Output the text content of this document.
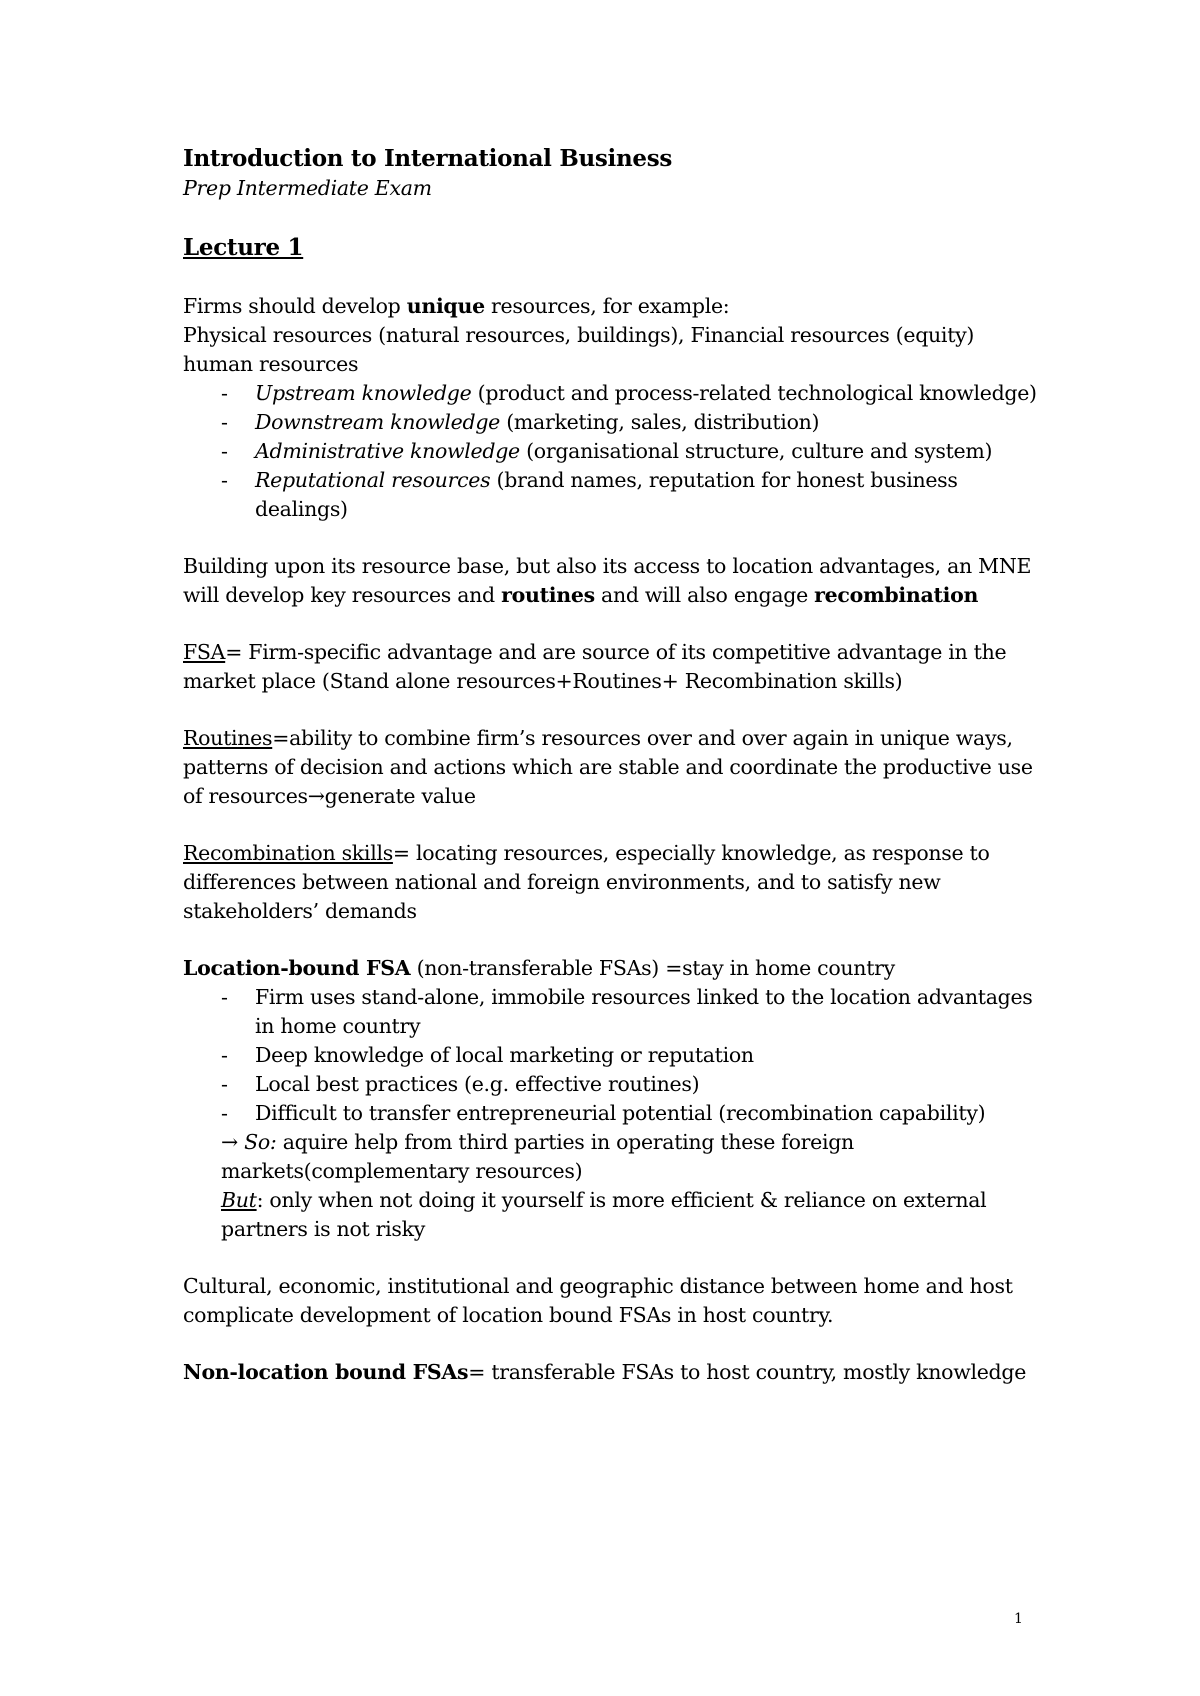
Introduction to International Business

Prep Intermediate Exam

Lecture 1

Firms should develop unique resources, for example:

Physical resources (natural resources, buildings), Financial resources (equity) human resources

- Upstream knowledge (product and process-related technological knowledge)
- Downstream knowledge (marketing, sales, distribution)
- Administrative knowledge (organisational structure, culture and system)
- Reputational resources (brand names, reputation for honest business dealings)

Building upon its resource base, but also its access to location advantages, an MNE will develop key resources and routines and will also engage recombination

FSA= Firm-specific advantage and are source of its competitive advantage in the market place (Stand alone resources+Routines+ Recombination skills)

Routines=ability to combine firm’s resources over and over again in unique ways, patterns of decision and actions which are stable and coordinate the productive use of resources→generate value

Recombination skills= locating resources, especially knowledge, as response to differences between national and foreign environments, and to satisfy new stakeholders’ demands

Location-bound FSA (non-transferable FSAs) =stay in home country

- Firm uses stand-alone, immobile resources linked to the location advantages in home country
- Deep knowledge of local marketing or reputation
- Local best practices (e.g. effective routines)
- Difficult to transfer entrepreneurial potential (recombination capability)

→ So: aquire help from third parties in operating these foreign markets(complementary resources)

But: only when not doing it yourself is more efficient & reliance on external partners is not risky

Cultural, economic, institutional and geographic distance between home and host complicate development of location bound FSAs in host country.

Non-location bound FSAs= transferable FSAs to host country, mostly knowledge

1
